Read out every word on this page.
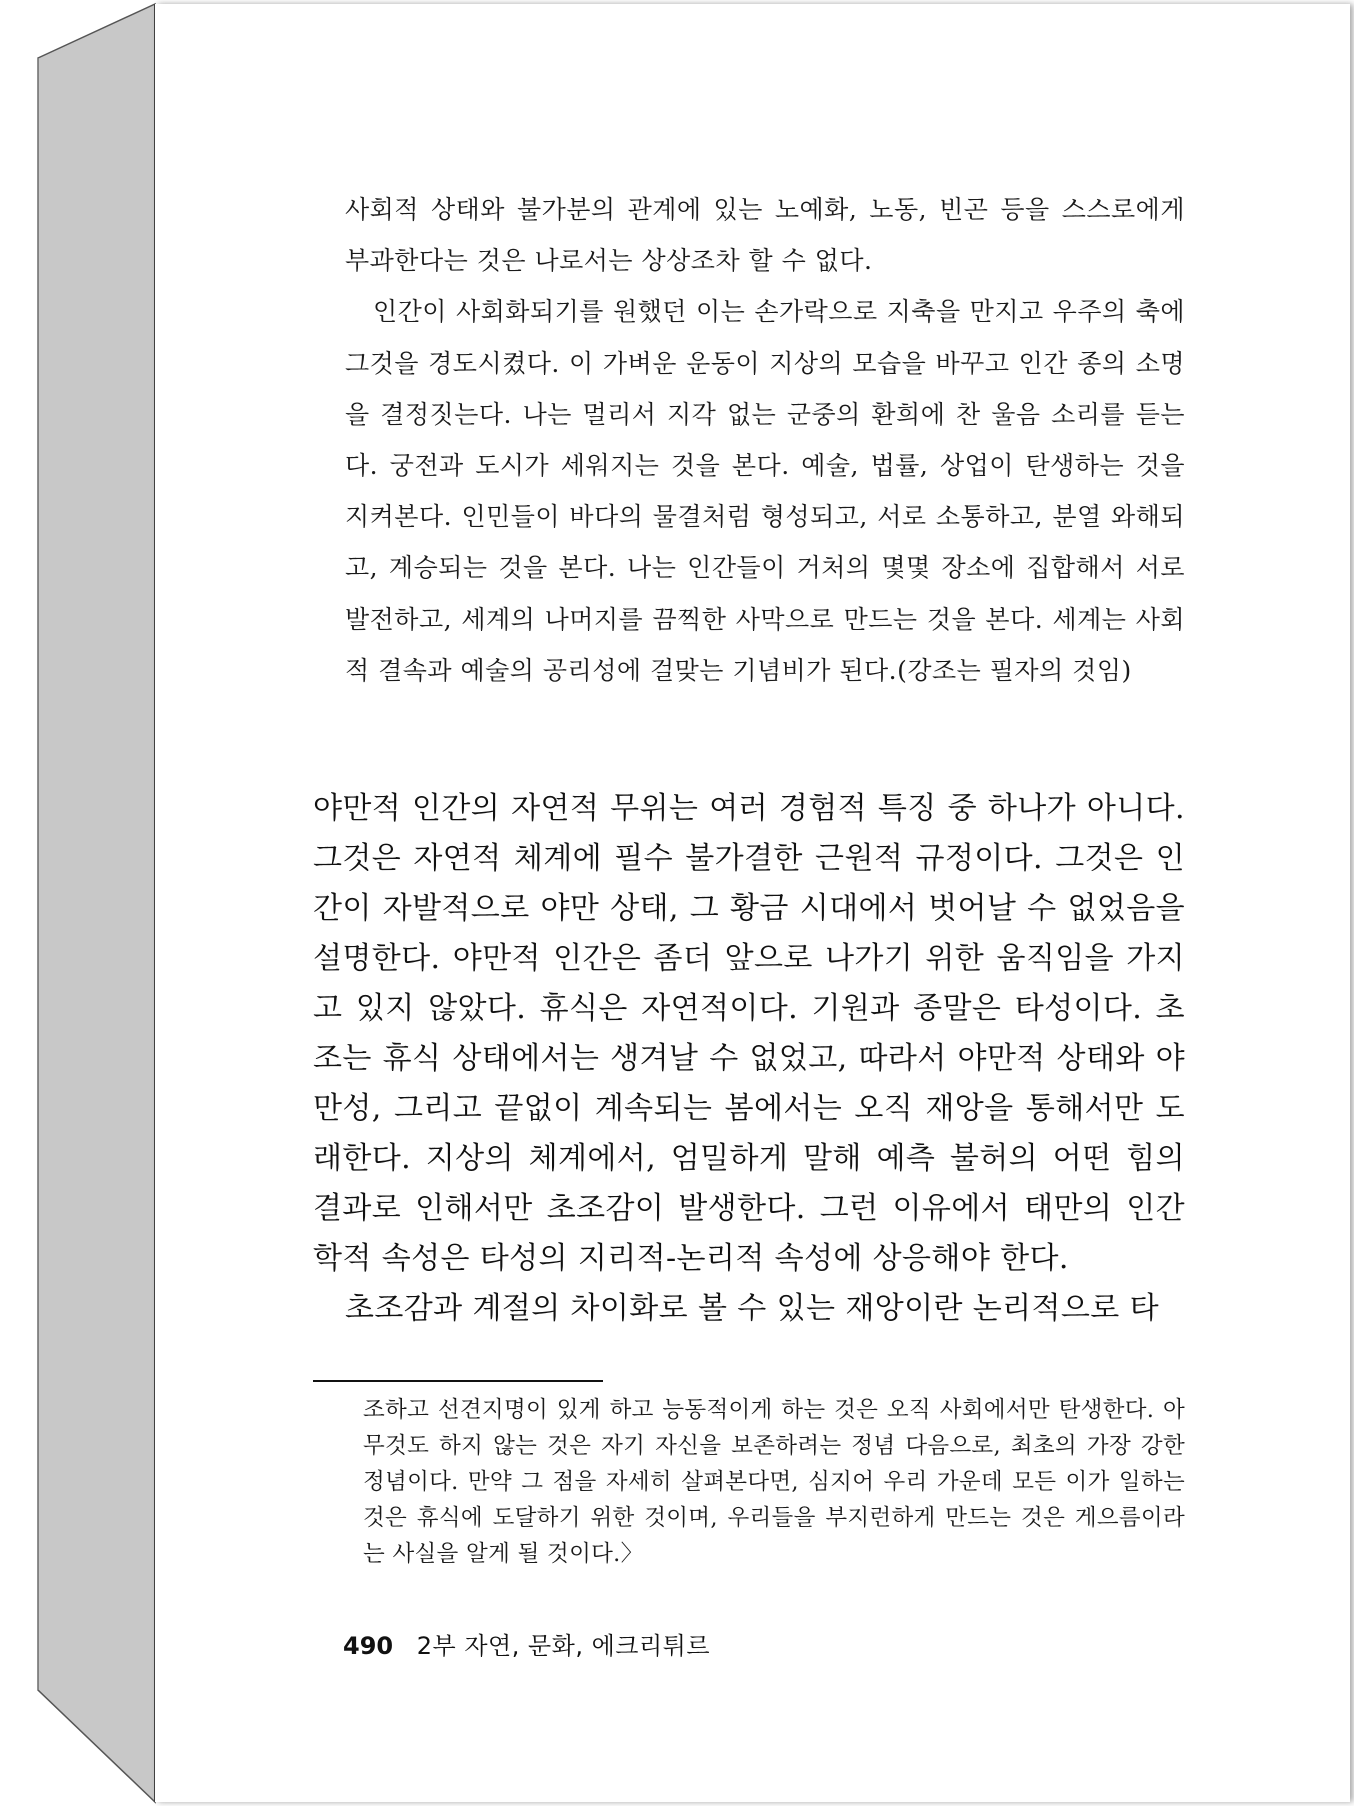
사회적 상태와 불가분의 관계에 있는 노예화, 노동, 빈곤 등을 스스로에게 부과한다는 것은 나로서는 상상조차 할 수 없다.

인간이 사회화되기를 원했던 이는 손가락으로 지축을 만지고 우주의 축에 그것을 경도시켰다. 이 가벼운 운동이 지상의 모습을 바꾸고 인간 종의 소명을 결정짓는다. 나는 멀리서 지각 없는 군중의 환희에 찬 울음 소리를 듣는다. 궁전과 도시가 세워지는 것을 본다. 예술, 법률, 상업이 탄생하는 것을 지켜본다. 인민들이 바다의 물결처럼 형성되고, 서로 소통하고, 분열 와해되고, 계승되는 것을 본다. 나는 인간들이 거처의 몇몇 장소에 집합해서 서로 발전하고, 세계의 나머지를 끔찍한 사막으로 만드는 것을 본다. 세계는 사회적 결속과 예술의 공리성에 걸맞는 기념비가 된다.(강조는 필자의 것임)

야만적 인간의 자연적 무위는 여러 경험적 특징 중 하나가 아니다. 그것은 자연적 체계에 필수 불가결한 근원적 규정이다. 그것은 인간이 자발적으로 야만 상태, 그 황금 시대에서 벗어날 수 없었음을 설명한다. 야만적 인간은 좀더 앞으로 나가기 위한 움직임을 가지고 있지 않았다. 휴식은 자연적이다. 기원과 종말은 타성이다. 초조는 휴식 상태에서는 생겨날 수 없었고, 따라서 야만적 상태와 야만성, 그리고 끝없이 계속되는 봄에서는 오직 재앙을 통해서만 도래한다. 지상의 체계에서, 엄밀하게 말해 예측 불허의 어떤 힘의 결과로 인해서만 초조감이 발생한다. 그런 이유에서 태만의 인간학적 속성은 타성의 지리적-논리적 속성에 상응해야 한다.

초조감과 계절의 차이화로 볼 수 있는 재앙이란 논리적으로 타

조하고 선견지명이 있게 하고 능동적이게 하는 것은 오직 사회에서만 탄생한다. 아무것도 하지 않는 것은 자기 자신을 보존하려는 정념 다음으로, 최초의 가장 강한 정념이다. 만약 그 점을 자세히 살펴본다면, 심지어 우리 가운데 모든 이가 일하는 것은 휴식에 도달하기 위한 것이며, 우리들을 부지런하게 만드는 것은 게으름이라는 사실을 알게 될 것이다.〉

490 2부 자연, 문화, 에크리튀르
